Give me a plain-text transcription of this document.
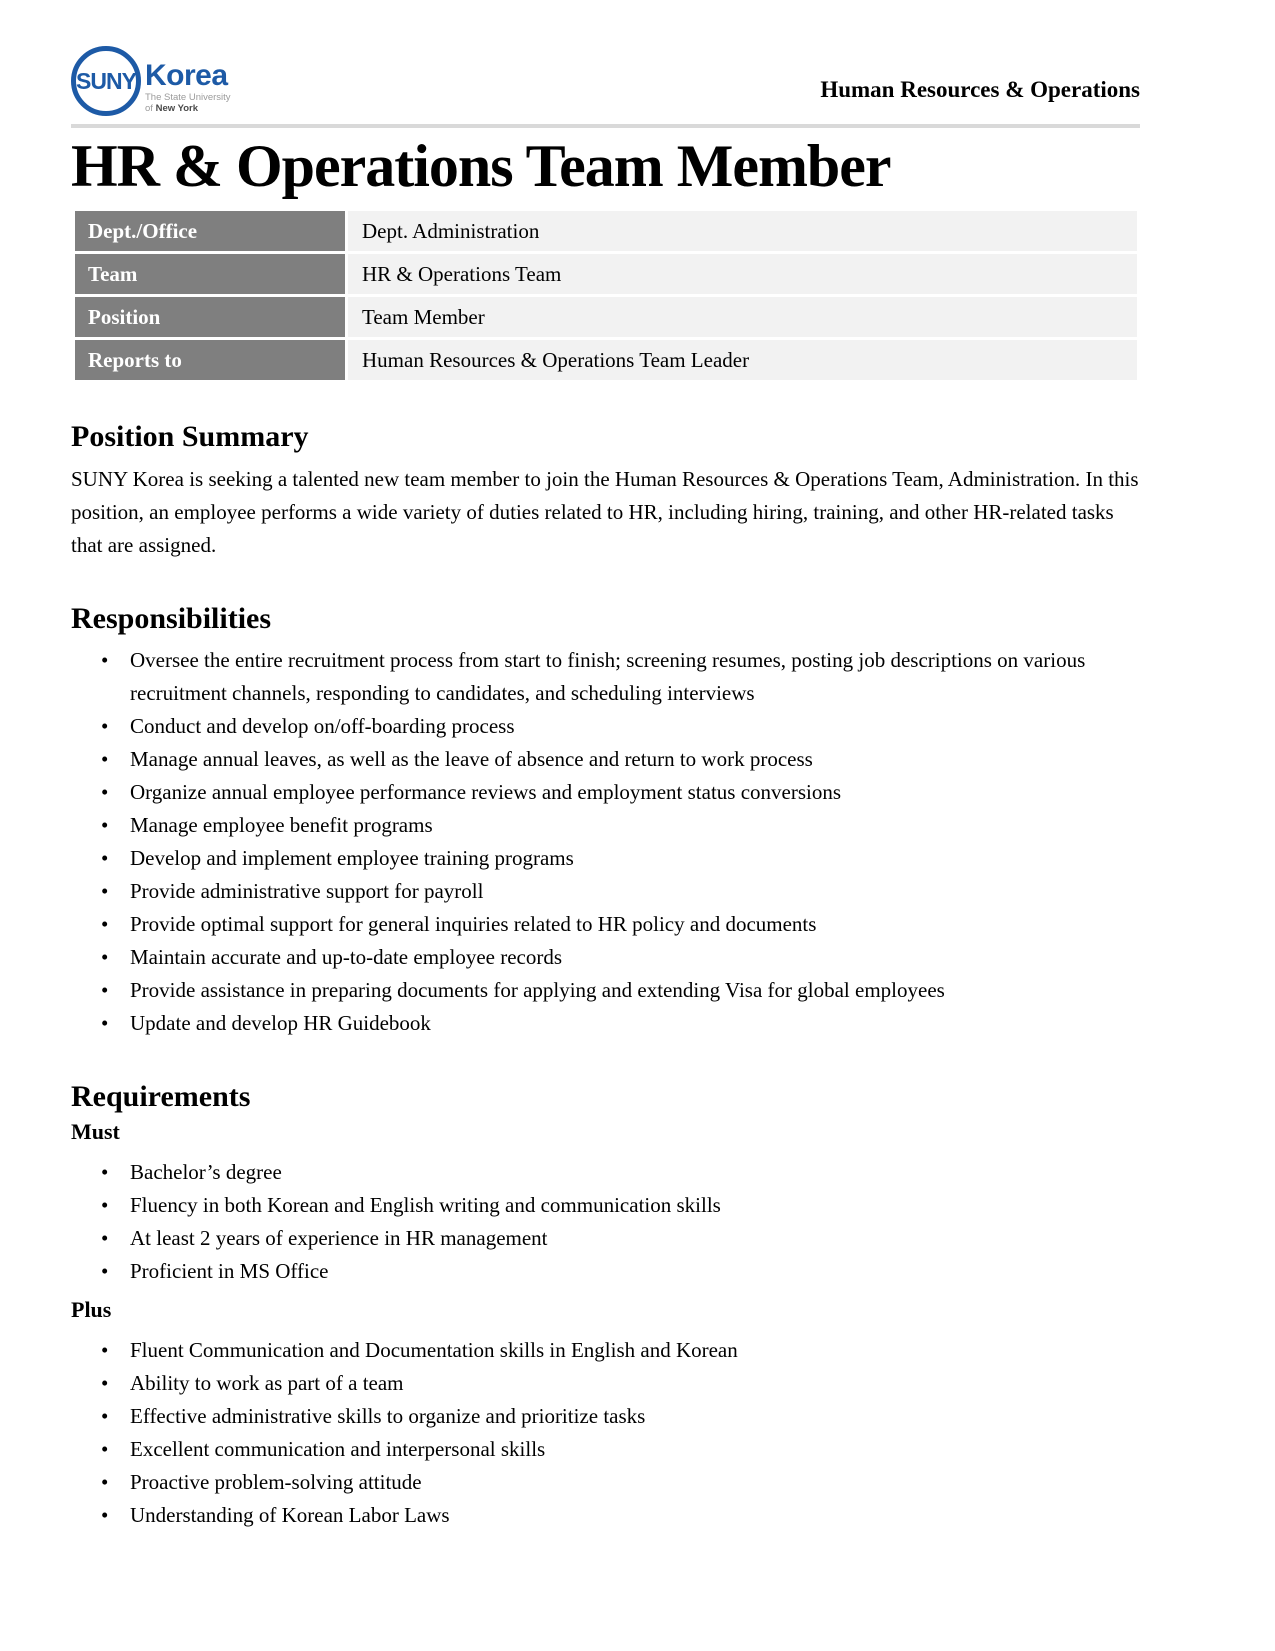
SUNY Korea
The State University
of New York
Human Resources & Operations
HR & Operations Team Member
Dept./Office	Dept. Administration
Team	HR & Operations Team
Position	Team Member
Reports to	Human Resources & Operations Team Leader
Position Summary

SUNY Korea is seeking a talented new team member to join the Human Resources & Operations Team, Administration. In this position, an employee performs a wide variety of duties related to HR, including hiring, training, and other HR-related tasks that are assigned.

Responsibilities
• Oversee the entire recruitment process from start to finish; screening resumes, posting job descriptions on various recruitment channels, responding to candidates, and scheduling interviews
• Conduct and develop on/off-boarding process
• Manage annual leaves, as well as the leave of absence and return to work process
• Organize annual employee performance reviews and employment status conversions
• Manage employee benefit programs
• Develop and implement employee training programs
• Provide administrative support for payroll
• Provide optimal support for general inquiries related to HR policy and documents
• Maintain accurate and up-to-date employee records
• Provide assistance in preparing documents for applying and extending Visa for global employees
• Update and develop HR Guidebook
Requirements
Must
• Bachelor’s degree
• Fluency in both Korean and English writing and communication skills
• At least 2 years of experience in HR management
• Proficient in MS Office
Plus
• Fluent Communication and Documentation skills in English and Korean
• Ability to work as part of a team
• Effective administrative skills to organize and prioritize tasks
• Excellent communication and interpersonal skills
• Proactive problem-solving attitude
• Understanding of Korean Labor Laws
